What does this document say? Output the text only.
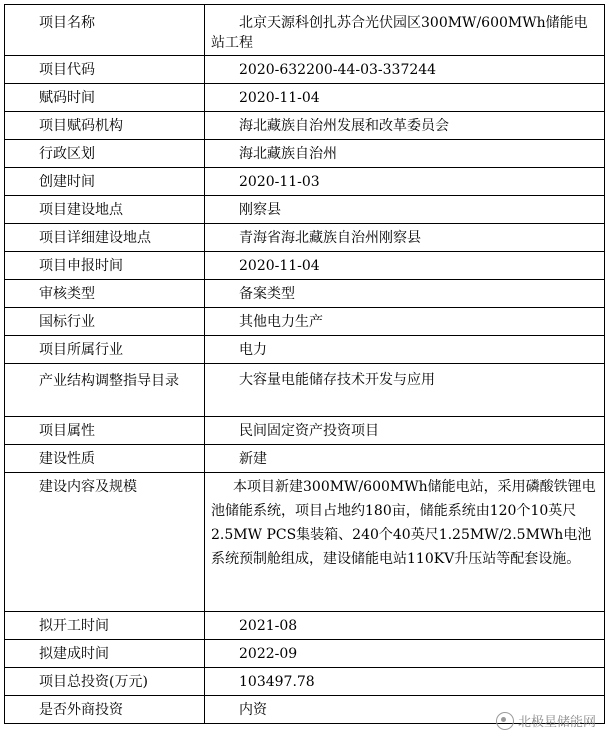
项目名称	北京天源科创扎苏合光伏园区300MW/600MWh储能电站工程
项目代码	2020-632200-44-03-337244
赋码时间	2020-11-04
项目赋码机构	海北藏族自治州发展和改革委员会
行政区划	海北藏族自治州
创建时间	2020-11-03
项目建设地点	刚察县
项目详细建设地点	青海省海北藏族自治州刚察县
项目申报时间	2020-11-04
审核类型	备案类型
国标行业	其他电力生产
项目所属行业	电力
产业结构调整指导目录	大容量电能储存技术开发与应用
项目属性	民间固定资产投资项目
建设性质	新建
建设内容及规模	本项目新建300MW/600MWh储能电站，采用磷酸铁锂电池储能系统，项目占地约180亩，储能系统由120个10英尺2.5MW PCS集装箱、240个40英尺1.25MW/2.5MWh电池系统预制舱组成，建设储能电站110KV升压站等配套设施。
拟开工时间	2021-08
拟建成时间	2022-09
项目总投资(万元)	103497.78
是否外商投资	内资
北极星储能网
